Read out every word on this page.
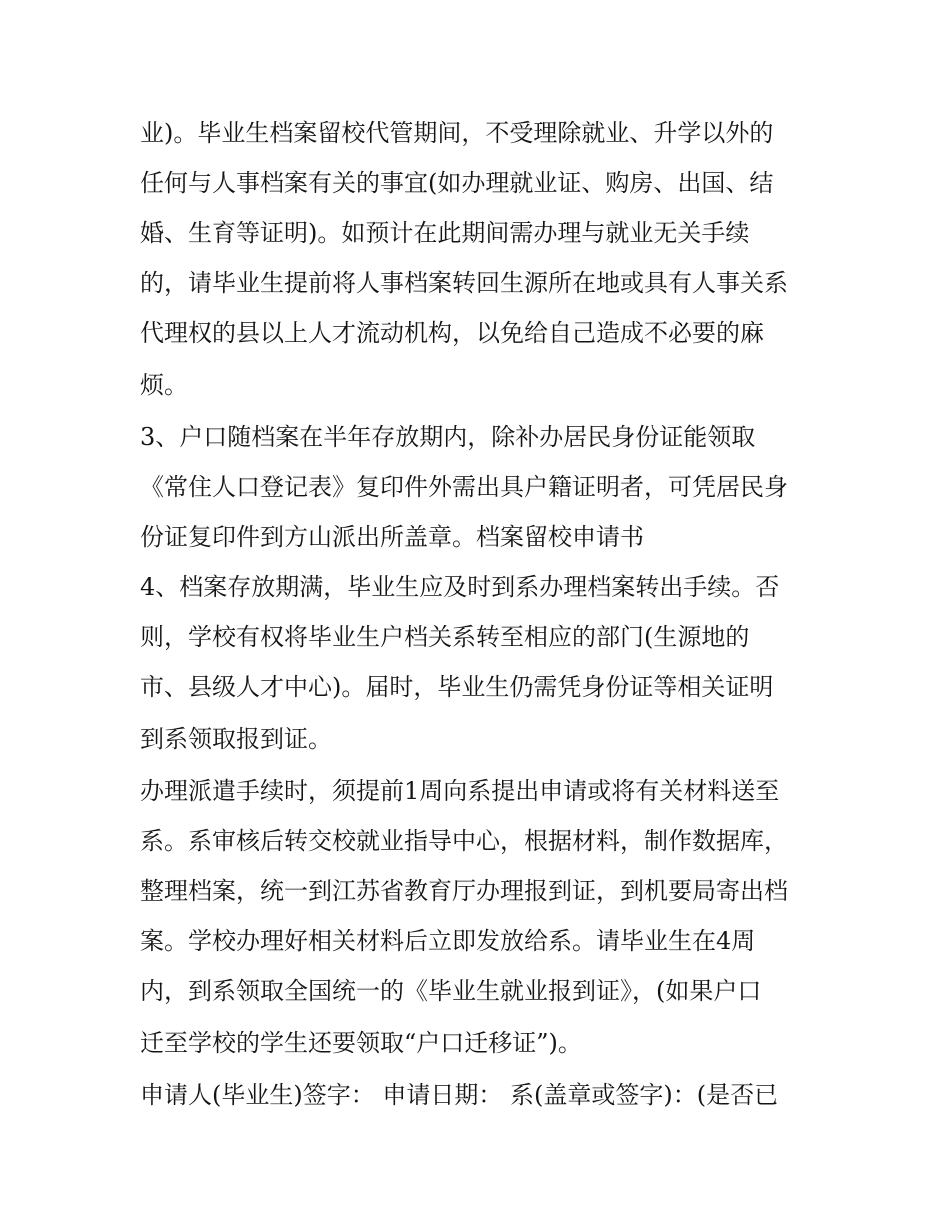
业)。毕业生档案留校代管期间，不受理除就业、升学以外的
任何与人事档案有关的事宜(如办理就业证、购房、出国、结
婚、生育等证明)。如预计在此期间需办理与就业无关手续
的，请毕业生提前将人事档案转回生源所在地或具有人事关系
代理权的县以上人才流动机构，以免给自己造成不必要的麻
烦。
3、户口随档案在半年存放期内，除补办居民身份证能领取
《常住人口登记表》复印件外需出具户籍证明者，可凭居民身
份证复印件到方山派出所盖章。档案留校申请书
4、档案存放期满，毕业生应及时到系办理档案转出手续。否
则，学校有权将毕业生户档关系转至相应的部门(生源地的
市、县级人才中心)。届时，毕业生仍需凭身份证等相关证明
到系领取报到证。
办理派遣手续时，须提前1周向系提出申请或将有关材料送至
系。系审核后转交校就业指导中心，根据材料，制作数据库，
整理档案，统一到江苏省教育厅办理报到证，到机要局寄出档
案。学校办理好相关材料后立即发放给系。请毕业生在4周
内，到系领取全国统一的《毕业生就业报到证》，(如果户口
迁至学校的学生还要领取“户口迁移证”)。
申请人(毕业生)签字： 申请日期： 系(盖章或签字)：(是否已
